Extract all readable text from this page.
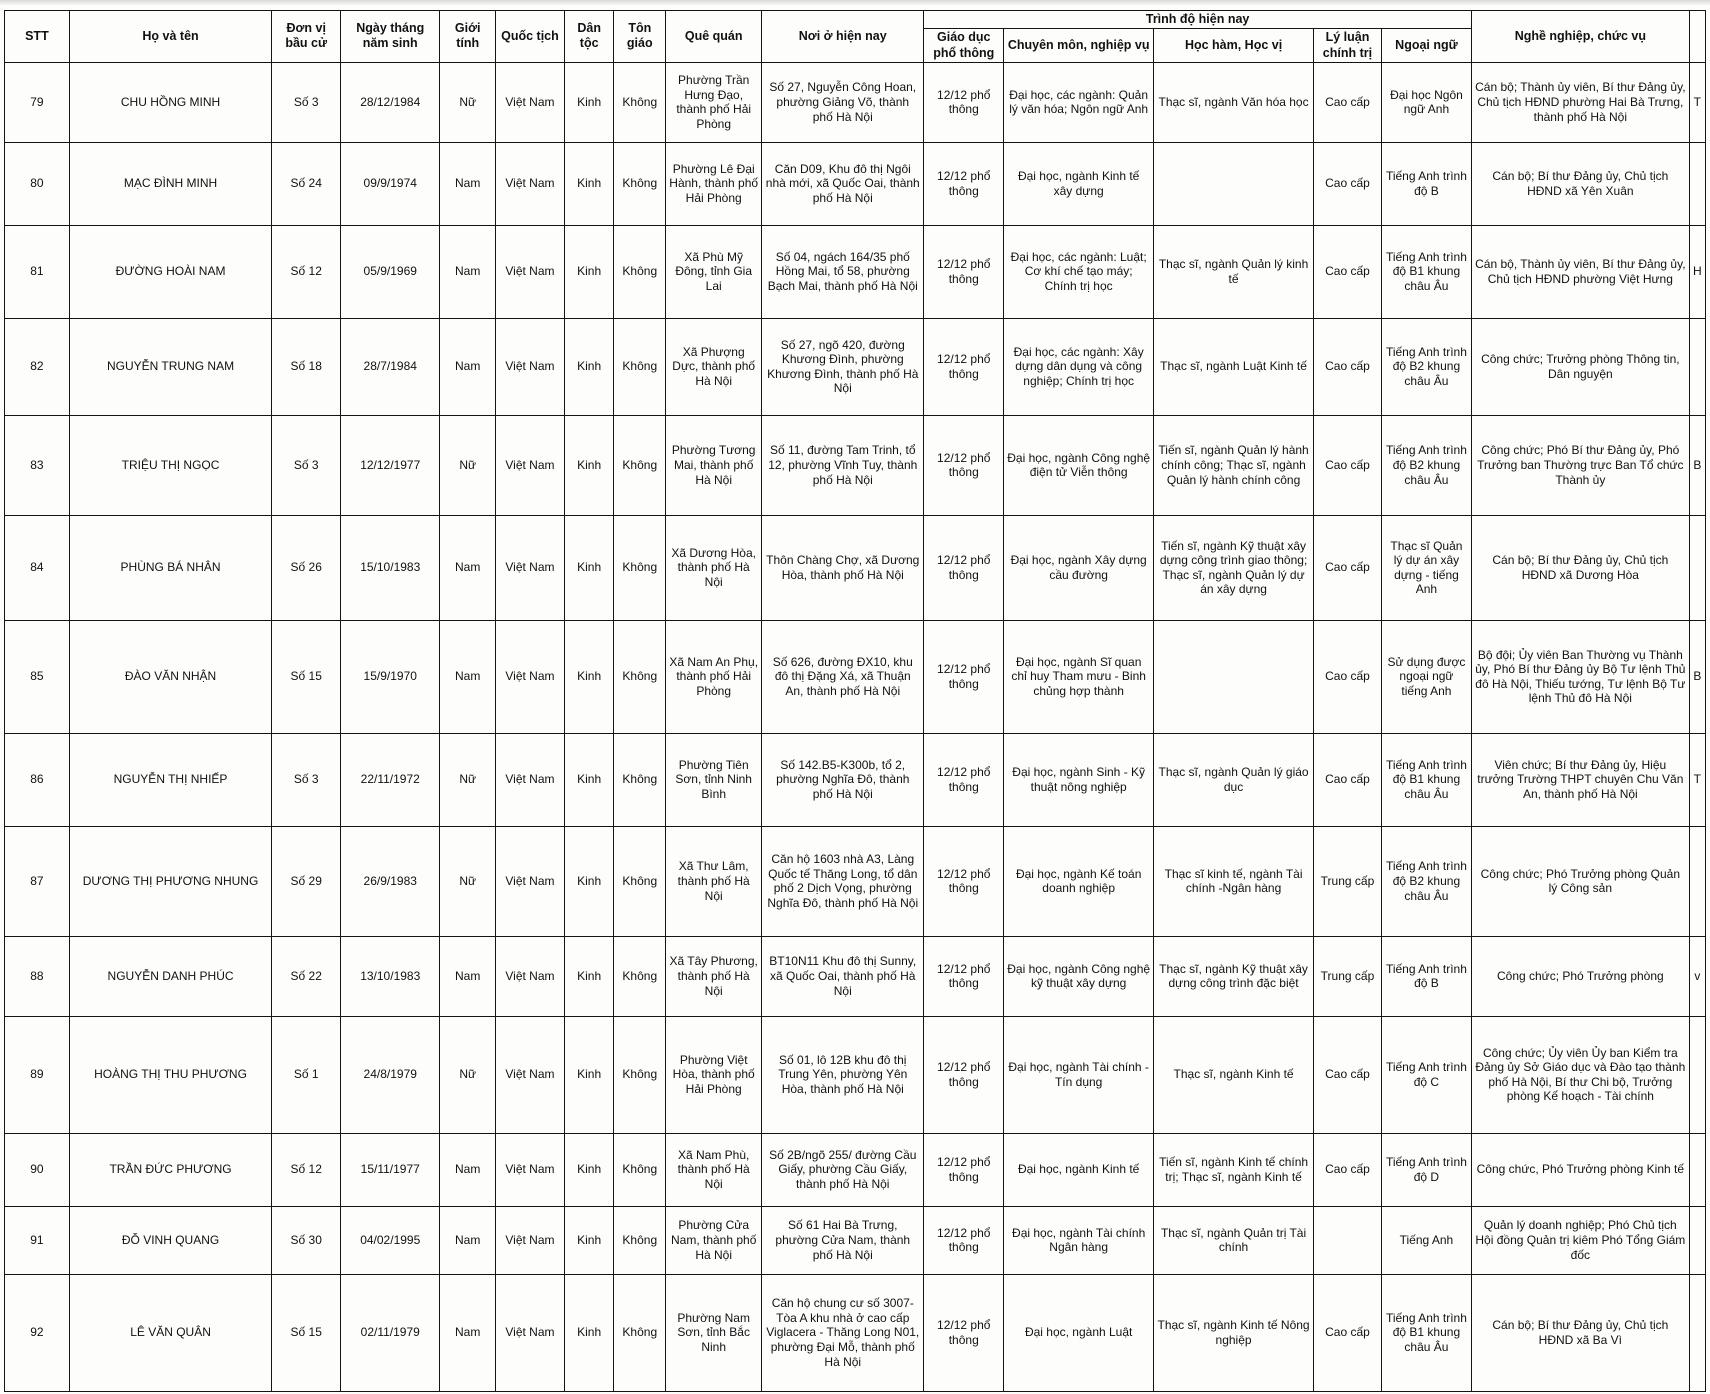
STT	Họ và tên	Đơn vị bầu cử	Ngày tháng năm sinh	Giới tính	Quốc tịch	Dân tộc	Tôn giáo	Quê quán	Nơi ở hiện nay	Trình độ hiện nay					Nghề nghiệp, chức vụ	
										Giáo dục phổ thông	Chuyên môn, nghiệp vụ	Học hàm, Học vị	Lý luận chính trị	Ngoại ngữ		
79	CHU HỒNG MINH	Số 3	28/12/1984	Nữ	Việt Nam	Kinh	Không	Phường Trần Hưng Đạo, thành phố Hải Phòng	Số 27, Nguyễn Công Hoan, phường Giảng Võ, thành phố Hà Nội	12/12 phổ thông	Đại học, các ngành: Quản lý văn hóa; Ngôn ngữ Anh	Thạc sĩ, ngành Văn hóa học	Cao cấp	Đại học Ngôn ngữ Anh	Cán bộ; Thành ủy viên, Bí thư Đảng ủy, Chủ tịch HĐND phường Hai Bà Trưng, thành phố Hà Nội	T
80	MẠC ĐÌNH MINH	Số 24	09/9/1974	Nam	Việt Nam	Kinh	Không	Phường Lê Đại Hành, thành phố Hải Phòng	Căn D09, Khu đô thị Ngôi nhà mới, xã Quốc Oai, thành phố Hà Nội	12/12 phổ thông	Đại học, ngành Kinh tế xây dựng		Cao cấp	Tiếng Anh trình độ B	Cán bộ; Bí thư Đảng ủy, Chủ tịch HĐND xã Yên Xuân	
81	ĐƯỜNG HOÀI NAM	Số 12	05/9/1969	Nam	Việt Nam	Kinh	Không	Xã Phù Mỹ Đông, tỉnh Gia Lai	Số 04, ngách 164/35 phố Hồng Mai, tổ 58, phường Bạch Mai, thành phố Hà Nội	12/12 phổ thông	Đại học, các ngành: Luật; Cơ khí chế tạo máy; Chính trị học	Thạc sĩ, ngành Quản lý kinh tế	Cao cấp	Tiếng Anh trình độ B1 khung châu Âu	Cán bộ, Thành ủy viên, Bí thư Đảng ủy, Chủ tịch HĐND phường Việt Hưng	H
82	NGUYỄN TRUNG NAM	Số 18	28/7/1984	Nam	Việt Nam	Kinh	Không	Xã Phượng Dực, thành phố Hà Nội	Số 27, ngõ 420, đường Khương Đình, phường Khương Đình, thành phố Hà Nội	12/12 phổ thông	Đại học, các ngành: Xây dựng dân dụng và công nghiệp; Chính trị học	Thạc sĩ, ngành Luật Kinh tế	Cao cấp	Tiếng Anh trình độ B2 khung châu Âu	Công chức; Trưởng phòng Thông tin, Dân nguyện	
83	TRIỆU THỊ NGỌC	Số 3	12/12/1977	Nữ	Việt Nam	Kinh	Không	Phường Tương Mai, thành phố Hà Nội	Số 11, đường Tam Trinh, tổ 12, phường Vĩnh Tuy, thành phố Hà Nội	12/12 phổ thông	Đại học, ngành Công nghệ điện tử Viễn thông	Tiến sĩ, ngành Quản lý hành chính công; Thạc sĩ, ngành Quản lý hành chính công	Cao cấp	Tiếng Anh trình độ B2 khung châu Âu	Công chức; Phó Bí thư Đảng ủy, Phó Trưởng ban Thường trực Ban Tổ chức Thành ủy	B
84	PHÙNG BÁ NHÂN	Số 26	15/10/1983	Nam	Việt Nam	Kinh	Không	Xã Dương Hòa, thành phố Hà Nội	Thôn Chàng Chợ, xã Dương Hòa, thành phố Hà Nội	12/12 phổ thông	Đại học, ngành Xây dựng cầu đường	Tiến sĩ, ngành Kỹ thuật xây dựng công trình giao thông; Thạc sĩ, ngành Quản lý dự án xây dựng	Cao cấp	Thạc sĩ Quản lý dự án xây dựng - tiếng Anh	Cán bộ; Bí thư Đảng ủy, Chủ tịch HĐND xã Dương Hòa	
85	ĐÀO VĂN NHẬN	Số 15	15/9/1970	Nam	Việt Nam	Kinh	Không	Xã Nam An Phụ, thành phố Hải Phòng	Số 626, đường ĐX10, khu đô thị Đặng Xá, xã Thuận An, thành phố Hà Nội	12/12 phổ thông	Đại học, ngành Sĩ quan chỉ huy Tham mưu - Binh chủng hợp thành		Cao cấp	Sử dụng được ngoại ngữ tiếng Anh	Bộ đội; Ủy viên Ban Thường vụ Thành ủy, Phó Bí thư Đảng ủy Bộ Tư lệnh Thủ đô Hà Nội, Thiếu tướng, Tư lệnh Bộ Tư lệnh Thủ đô Hà Nội	B
86	NGUYỄN THỊ NHIẾP	Số 3	22/11/1972	Nữ	Việt Nam	Kinh	Không	Phường Tiên Sơn, tỉnh Ninh Bình	Số 142.B5-K300b, tổ 2, phường Nghĩa Đô, thành phố Hà Nội	12/12 phổ thông	Đại học, ngành Sinh - Kỹ thuật nông nghiệp	Thạc sĩ, ngành Quản lý giáo dục	Cao cấp	Tiếng Anh trình độ B1 khung châu Âu	Viên chức; Bí thư Đảng ủy, Hiệu trưởng Trường THPT chuyên Chu Văn An, thành phố Hà Nội	T
87	DƯƠNG THỊ PHƯƠNG NHUNG	Số 29	26/9/1983	Nữ	Việt Nam	Kinh	Không	Xã Thư Lâm, thành phố Hà Nội	Căn hộ 1603 nhà A3, Làng Quốc tế Thăng Long, tổ dân phố 2 Dịch Vọng, phường Nghĩa Đô, thành phố Hà Nội	12/12 phổ thông	Đại học, ngành Kế toán doanh nghiệp	Thạc sĩ kinh tế, ngành Tài chính -Ngân hàng	Trung cấp	Tiếng Anh trình độ B2 khung châu Âu	Công chức; Phó Trưởng phòng Quản lý Công sản	
88	NGUYỄN DANH PHÚC	Số 22	13/10/1983	Nam	Việt Nam	Kinh	Không	Xã Tây Phương, thành phố Hà Nội	BT10N11 Khu đô thị Sunny, xã Quốc Oai, thành phố Hà Nội	12/12 phổ thông	Đại học, ngành Công nghệ kỹ thuật xây dựng	Thạc sĩ, ngành Kỹ thuật xây dựng công trình đặc biệt	Trung cấp	Tiếng Anh trình độ B	Công chức; Phó Trưởng phòng	v
89	HOÀNG THỊ THU PHƯƠNG	Số 1	24/8/1979	Nữ	Việt Nam	Kinh	Không	Phường Việt Hòa, thành phố Hải Phòng	Số 01, lô 12B khu đô thị Trung Yên, phường Yên Hòa, thành phố Hà Nội	12/12 phổ thông	Đại học, ngành Tài chính - Tín dụng	Thạc sĩ, ngành Kinh tế	Cao cấp	Tiếng Anh trình độ C	Công chức; Ủy viên Ủy ban Kiểm tra Đảng ủy Sở Giáo dục và Đào tạo thành phố Hà Nội, Bí thư Chi bộ, Trưởng phòng Kế hoạch - Tài chính	
90	TRẦN ĐỨC PHƯƠNG	Số 12	15/11/1977	Nam	Việt Nam	Kinh	Không	Xã Nam Phù, thành phố Hà Nội	Số 2B/ngõ 255/ đường Cầu Giấy, phường Cầu Giấy, thành phố Hà Nội	12/12 phổ thông	Đại học, ngành Kinh tế	Tiến sĩ, ngành Kinh tế chính trị; Thạc sĩ, ngành Kinh tế	Cao cấp	Tiếng Anh trình độ D	Công chức, Phó Trưởng phòng Kinh tế	
91	ĐỖ VINH QUANG	Số 30	04/02/1995	Nam	Việt Nam	Kinh	Không	Phường Cửa Nam, thành phố Hà Nội	Số 61 Hai Bà Trưng, phường Cửa Nam, thành phố Hà Nội	12/12 phổ thông	Đại học, ngành Tài chính Ngân hàng	Thạc sĩ, ngành Quản trị Tài chính		Tiếng Anh	Quản lý doanh nghiệp; Phó Chủ tịch Hội đồng Quản trị kiêm Phó Tổng Giám đốc	
92	LÊ VĂN QUÂN	Số 15	02/11/1979	Nam	Việt Nam	Kinh	Không	Phường Nam Sơn, tỉnh Bắc Ninh	Căn hộ chung cư số 3007-Tòa A khu nhà ở cao cấp Viglacera - Thăng Long N01, phường Đại Mỗ, thành phố Hà Nội	12/12 phổ thông	Đại học, ngành Luật	Thạc sĩ, ngành Kinh tế Nông nghiệp	Cao cấp	Tiếng Anh trình độ B1 khung châu Âu	Cán bộ; Bí thư Đảng ủy, Chủ tịch HĐND xã Ba Vì	
